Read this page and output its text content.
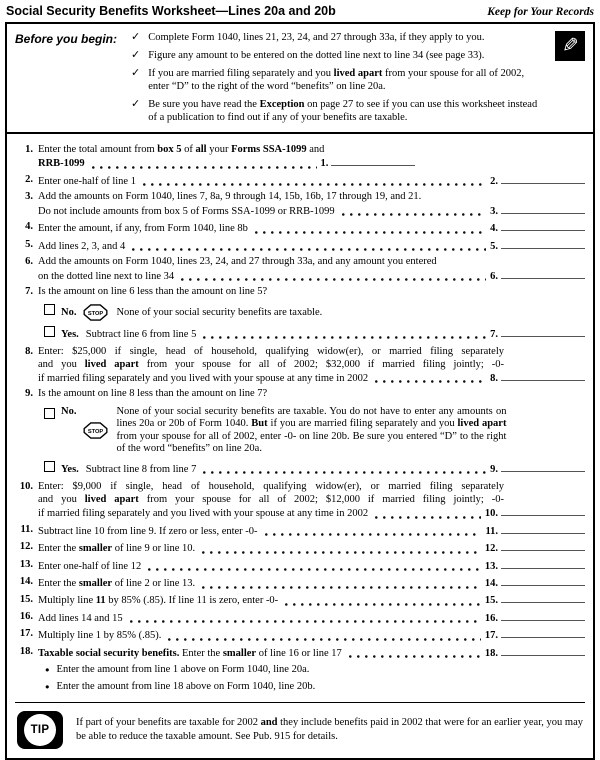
Social Security Benefits Worksheet—Lines 20a and 20b	Keep for Your Records
Before you begin:	✓ Complete Form 1040, lines 21, 23, 24, and 27 through 33a, if they apply to you.
✓ Figure any amount to be entered on the dotted line next to line 34 (see page 33).
✓ If you are married filing separately and you lived apart from your spouse for all of 2002, enter “D” to the right of the word “benefits” on line 20a.
✓ Be sure you have read the Exception on page 27 to see if you can use this worksheet instead of a publication to find out if any of your benefits are taxable.
✎
1. Enter the total amount from box 5 of all your Forms SSA-1099 and
RRB-1099	1.
2. Enter one-half of line 1	2.
3. Add the amounts on Form 1040, lines 7, 8a, 9 through 14, 15b, 16b, 17 through 19, and 21.
Do not include amounts from box 5 of Forms SSA-1099 or RRB-1099	3.
4. Enter the amount, if any, from Form 1040, line 8b	4.
5. Add lines 2, 3, and 4	5.
6. Add the amounts on Form 1040, lines 23, 24, and 27 through 33a, and any amount you entered
on the dotted line next to line 34	6.
7. Is the amount on line 6 less than the amount on line 5?
No. STOP None of your social security benefits are taxable.
Yes. Subtract line 6 from line 5	7.
8. Enter: $25,000 if single, head of household, qualifying widow(er), or married filing separately
and you lived apart from your spouse for all of 2002; $32,000 if married filing jointly; -0-
if married filing separately and you lived with your spouse at any time in 2002	8.
9. Is the amount on line 8 less than the amount on line 7?
No.
STOP
None of your social security benefits are taxable. You do not have to enter any amounts on lines 20a or 20b of Form 1040. But if you are married filing separately and you lived apart from your spouse for all of 2002, enter -0- on line 20b. Be sure you entered “D” to the right of the word “benefits” on line 20a.
Yes. Subtract line 8 from line 7	9.
10. Enter: $9,000 if single, head of household, qualifying widow(er), or married filing separately
and you lived apart from your spouse for all of 2002; $12,000 if married filing jointly; -0-
if married filing separately and you lived with your spouse at any time in 2002	10.
11. Subtract line 10 from line 9. If zero or less, enter -0-	11.
12. Enter the smaller of line 9 or line 10.	12.
13. Enter one-half of line 12	13.
14. Enter the smaller of line 2 or line 13.	14.
15. Multiply line 11 by 85% (.85). If line 11 is zero, enter -0-	15.
16. Add lines 14 and 15	16.
17. Multiply line 1 by 85% (.85).	17.
18. Taxable social security benefits. Enter the smaller of line 16 or line 17	18.
● Enter the amount from line 1 above on Form 1040, line 20a.
● Enter the amount from line 18 above on Form 1040, line 20b.
TIP

If part of your benefits are taxable for 2002 and they include benefits paid in 2002 that were for an earlier year, you may be able to reduce the taxable amount. See Pub. 915 for details.
